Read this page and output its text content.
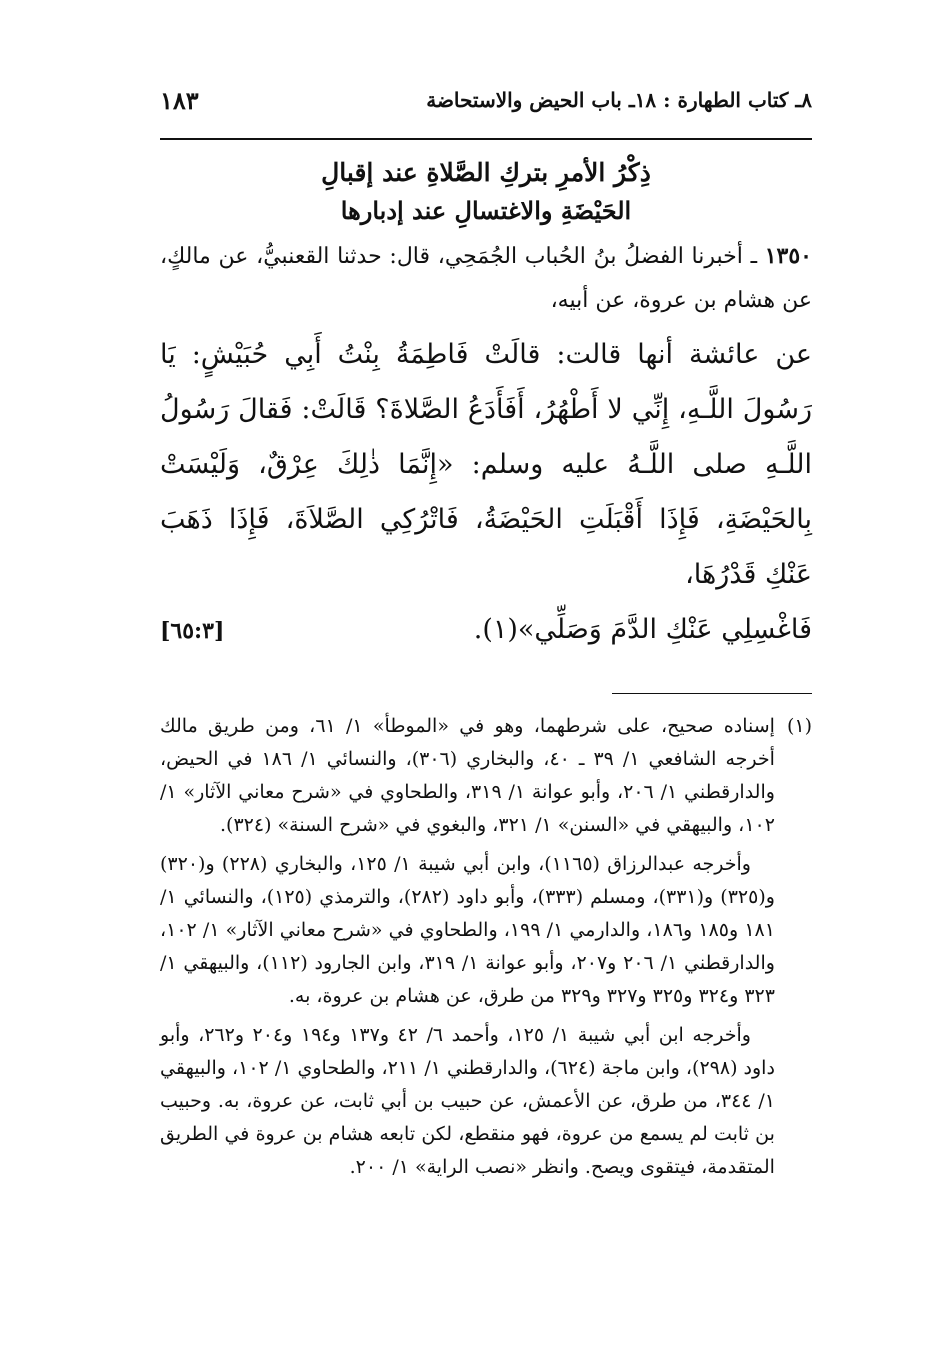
٨ـ كتاب الطهارة : ١٨ـ باب الحيض والاستحاضة
١٨٣
ذِكْرُ الأمرِ بتركِ الصَّلاةِ عند إقبالِ
الحَيْضَةِ والاغتسالِ عند إدبارها
١٣٥٠ ـ أخبرنا الفضلُ بنُ الحُباب الجُمَحِي، قال: حدثنا القعنبيُّ، عن مالكٍ، عن هشام بن عروة، عن أبيه،
عن عائشة أنها قالت: قالَتْ فَاطِمَةُ بِنْتُ أَبِي حُبَيْشٍ: يَا رَسُولَ اللَّـهِ، إِنِّي لا أَطْهُرُ، أَفَأَدَعُ الصَّلاةَ؟ قَالَتْ: فَقالَ رَسُولُ اللَّـهِ صلى اللَّـهُ عليه وسلم: «إِنَّمَا ذٰلِكَ عِرْقٌ، وَلَيْسَتْ بِالحَيْضَةِ، فَإِذَا أَقْبَلَتِ الحَيْضَةُ، فَاتْرُكِي الصَّلاَةَ، فَإِذَا ذَهَبَ عَنْكِ قَدْرُهَا،
فَاغْسِلِي عَنْكِ الدَّمَ وَصَلِّي»(١).
[٦٥:٣]
(١)

إسناده صحيح، على شرطهما، وهو في «الموطأ» ١/ ٦١، ومن طريق مالك أخرجه الشافعي ١/ ٣٩ ـ ٤٠، والبخاري (٣٠٦)، والنسائي ١/ ١٨٦ في الحيض، والدارقطني ١/ ٢٠٦، وأبو عوانة ١/ ٣١٩، والطحاوي في «شرح معاني الآثار» ١/ ١٠٢، والبيهقي في «السنن» ١/ ٣٢١، والبغوي في «شرح السنة» (٣٢٤).

وأخرجه عبدالرزاق (١١٦٥)، وابن أبي شيبة ١/ ١٢٥، والبخاري (٢٢٨) و(٣٢٠) و(٣٢٥) و(٣٣١)، ومسلم (٣٣٣)، وأبو داود (٢٨٢)، والترمذي (١٢٥)، والنسائي ١/ ١٨١ و١٨٥ و١٨٦، والدارمي ١/ ١٩٩، والطحاوي في «شرح معاني الآثار» ١/ ١٠٢، والدارقطني ١/ ٢٠٦ و٢٠٧، وأبو عوانة ١/ ٣١٩، وابن الجارود (١١٢)، والبيهقي ١/ ٣٢٣ و٣٢٤ و٣٢٥ و٣٢٧ و٣٢٩ من طرق، عن هشام بن عروة، به.

وأخرجه ابن أبي شيبة ١/ ١٢٥، وأحمد ٦/ ٤٢ و١٣٧ و١٩٤ و٢٠٤ و٢٦٢، وأبو داود (٢٩٨)، وابن ماجة (٦٢٤)، والدارقطني ١/ ٢١١، والطحاوي ١/ ١٠٢، والبيهقي ١/ ٣٤٤، من طرق، عن الأعمش، عن حبيب بن أبي ثابت، عن عروة، به. وحبيب بن ثابت لم يسمع من عروة، فهو منقطع، لكن تابعه هشام بن عروة في الطريق المتقدمة، فيتقوى ويصح. وانظر «نصب الراية» ١/ ٢٠٠.
